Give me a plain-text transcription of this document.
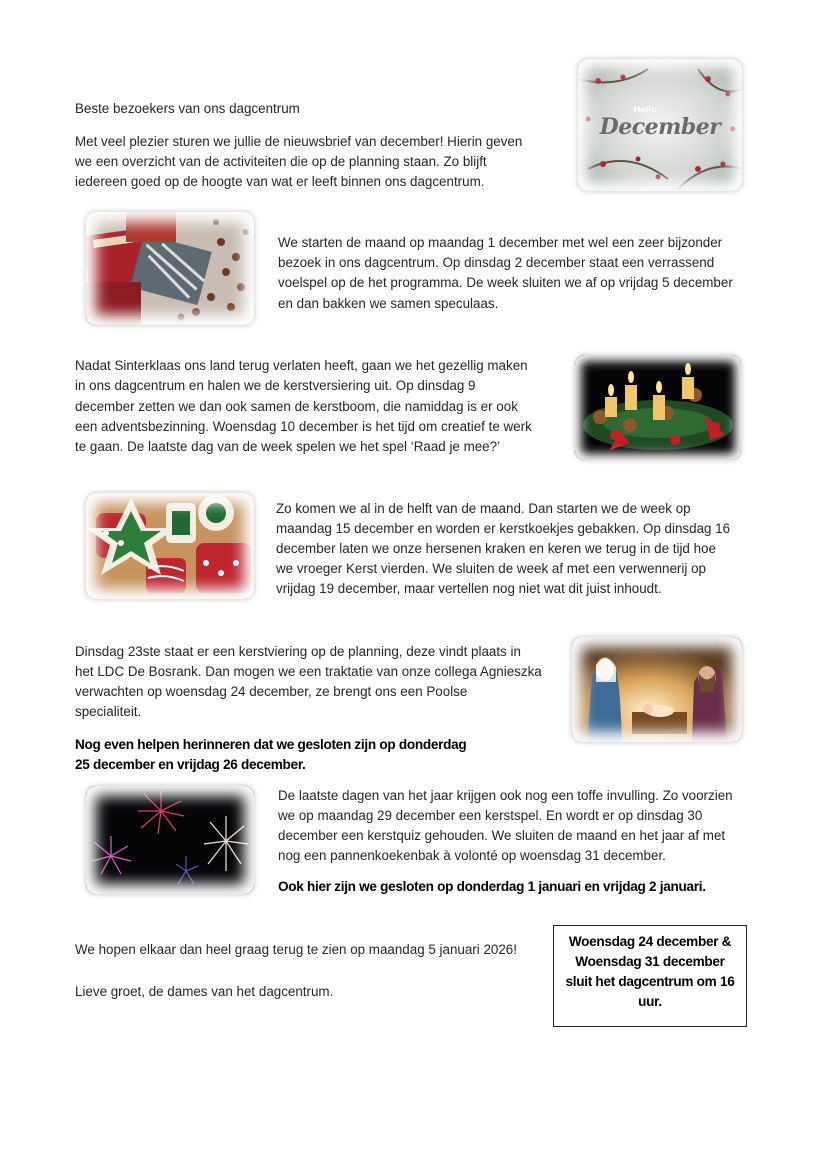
Beste bezoekers van ons dagcentrum

Met veel plezier sturen we jullie de nieuwsbrief van december! Hierin geven

we een overzicht van de activiteiten die op de planning staan. Zo blijft

iedereen goed op de hoogte van wat er leeft binnen ons dagcentrum.

Hello
December

We starten de maand op maandag 1 december met wel een zeer bijzonder

bezoek in ons dagcentrum. Op dinsdag 2 december staat een verrassend

voelspel op de het programma. De week sluiten we af op vrijdag 5 december

en dan bakken we samen speculaas.

Nadat Sinterklaas ons land terug verlaten heeft, gaan we het gezellig maken

in ons dagcentrum en halen we de kerstversiering uit. Op dinsdag 9

december zetten we dan ook samen de kerstboom, die namiddag is er ook

een adventsbezinning. Woensdag 10 december is het tijd om creatief te werk

te gaan. De laatste dag van de week spelen we het spel ‘Raad je mee?’

Zo komen we al in de helft van de maand. Dan starten we de week op

maandag 15 december en worden er kerstkoekjes gebakken. Op dinsdag 16

december laten we onze hersenen kraken en keren we terug in de tijd hoe

we vroeger Kerst vierden. We sluiten de week af met een verwennerij op

vrijdag 19 december, maar vertellen nog niet wat dit juist inhoudt.

Dinsdag 23ste staat er een kerstviering op de planning, deze vindt plaats in

het LDC De Bosrank. Dan mogen we een traktatie van onze collega Agnieszka

verwachten op woensdag 24 december, ze brengt ons een Poolse

specialiteit.

Nog even helpen herinneren dat we gesloten zijn op donderdag

25 december en vrijdag 26 december.

De laatste dagen van het jaar krijgen ook nog een toffe invulling. Zo voorzien

we op maandag 29 december een kerstspel. En wordt er op dinsdag 30

december een kerstquiz gehouden. We sluiten de maand en het jaar af met

nog een pannenkoekenbak à volonté op woensdag 31 december.

Ook hier zijn we gesloten op donderdag 1 januari en vrijdag 2 januari.

We hopen elkaar dan heel graag terug te zien op maandag 5 januari 2026!

Lieve groet, de dames van het dagcentrum.

Woensdag 24 december &
Woensdag 31 december
sluit het dagcentrum om 16
uur.
